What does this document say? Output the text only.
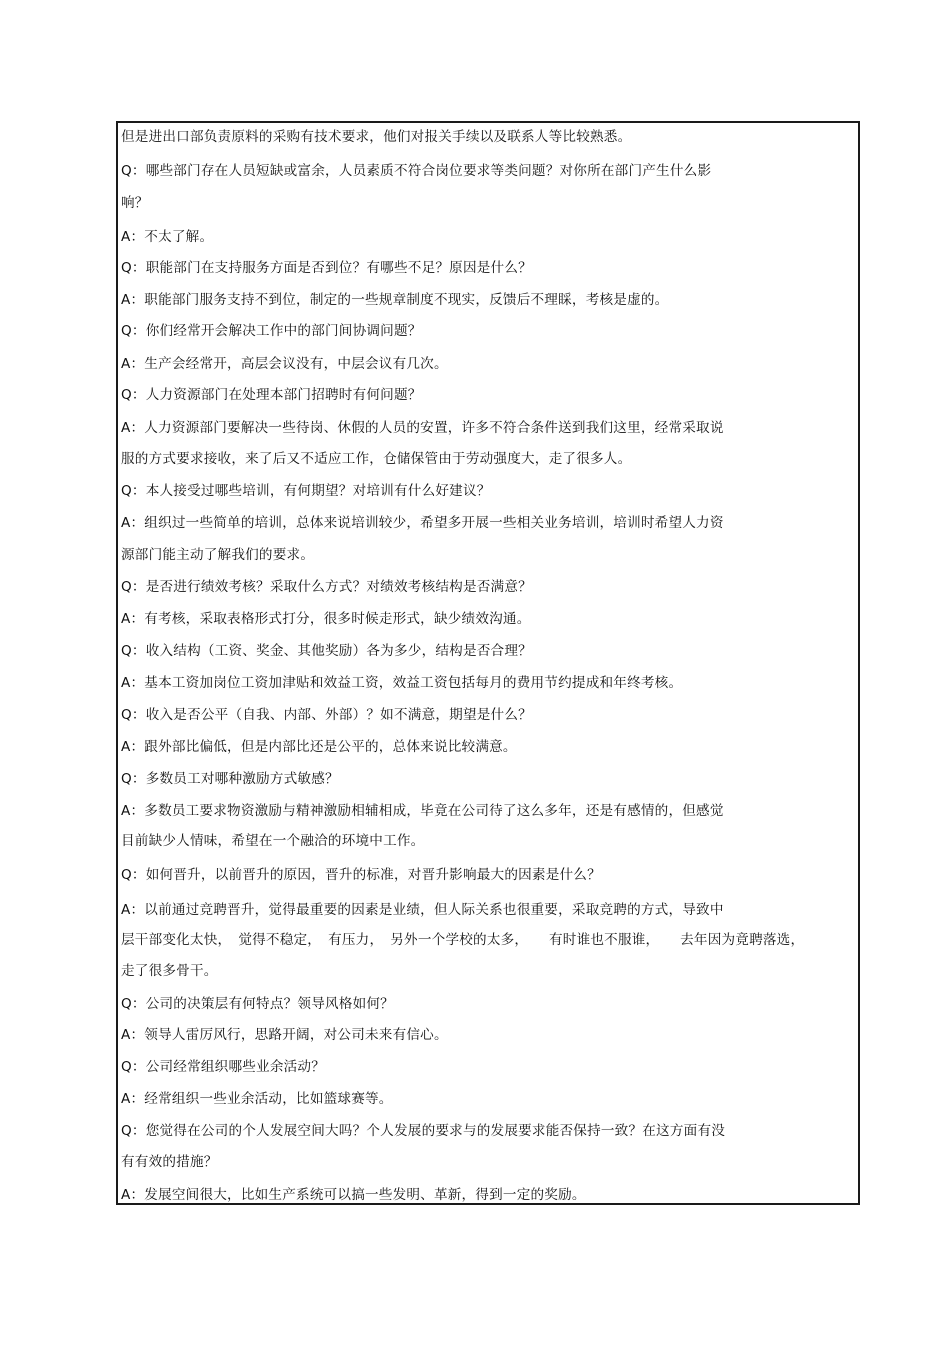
但是进出口部负责原料的采购有技术要求，他们对报关手续以及联系人等比较熟悉。
Q：哪些部门存在人员短缺或富余，人员素质不符合岗位要求等类问题？对你所在部门产生什么影
响？
A：不太了解。
Q：职能部门在支持服务方面是否到位？有哪些不足？原因是什么？
A：职能部门服务支持不到位，制定的一些规章制度不现实，反馈后不理睬，考核是虚的。
Q：你们经常开会解决工作中的部门间协调问题？
A：生产会经常开，高层会议没有，中层会议有几次。
Q：人力资源部门在处理本部门招聘时有何问题？
A：人力资源部门要解决一些待岗、休假的人员的安置，许多不符合条件送到我们这里，经常采取说
服的方式要求接收，来了后又不适应工作，仓储保管由于劳动强度大，走了很多人。
Q：本人接受过哪些培训，有何期望？对培训有什么好建议？
A：组织过一些简单的培训，总体来说培训较少，希望多开展一些相关业务培训，培训时希望人力资
源部门能主动了解我们的要求。
Q：是否进行绩效考核？采取什么方式？对绩效考核结构是否满意？
A：有考核，采取表格形式打分，很多时候走形式，缺少绩效沟通。
Q：收入结构（工资、奖金、其他奖励）各为多少，结构是否合理？
A：基本工资加岗位工资加津贴和效益工资，效益工资包括每月的费用节约提成和年终考核。
Q：收入是否公平（自我、内部、外部）？如不满意，期望是什么？
A：跟外部比偏低，但是内部比还是公平的，总体来说比较满意。
Q：多数员工对哪种激励方式敏感？
A：多数员工要求物资激励与精神激励相辅相成，毕竟在公司待了这么多年，还是有感情的，但感觉
目前缺少人情味，希望在一个融洽的环境中工作。
Q：如何晋升，以前晋升的原因，晋升的标准，对晋升影响最大的因素是什么？
A：以前通过竞聘晋升，觉得最重要的因素是业绩，但人际关系也很重要，采取竞聘的方式，导致中
层干部变化太快，　觉得不稳定，　有压力，　另外一个学校的太多，　　有时谁也不服谁，　　去年因为竟聘落选，
走了很多骨干。
Q：公司的决策层有何特点？领导风格如何？
A：领导人雷厉风行，思路开阔，对公司未来有信心。
Q：公司经常组织哪些业余活动？
A：经常组织一些业余活动，比如篮球赛等。
Q：您觉得在公司的个人发展空间大吗？个人发展的要求与的发展要求能否保持一致？在这方面有没
有有效的措施？
A：发展空间很大，比如生产系统可以搞一些发明、革新，得到一定的奖励。
